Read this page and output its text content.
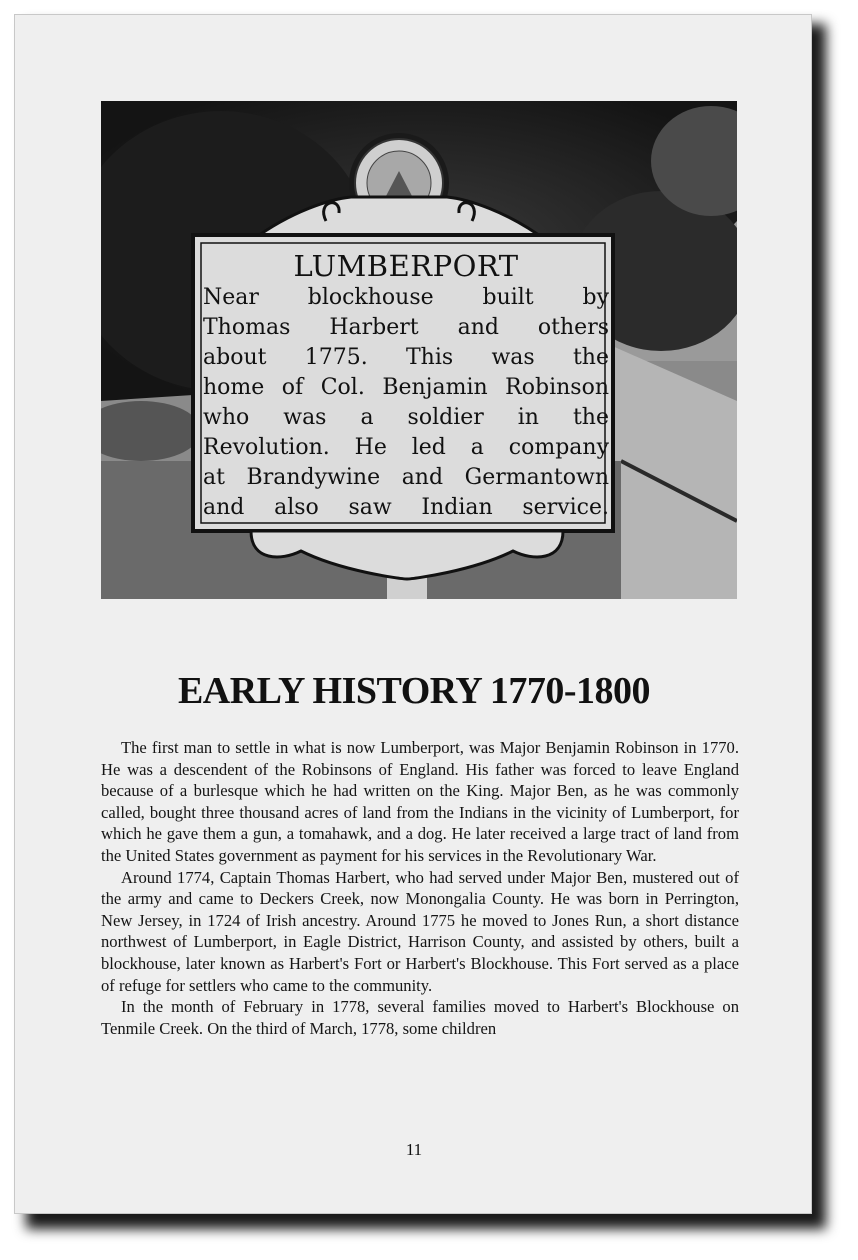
LUMBERPORT

Near blockhouse built by
Thomas Harbert and others
about 1775. This was the
home of Col. Benjamin Robinson
who was a soldier in the
Revolution. He led a company
at Brandywine and Germantown
and also saw Indian service.
EARLY HISTORY 1770-1800

The first man to settle in what is now Lumberport, was Major Benjamin Robinson in 1770. He was a descendent of the Robinsons of England. His father was forced to leave England because of a burlesque which he had written on the King. Major Ben, as he was commonly called, bought three thousand acres of land from the Indians in the vicinity of Lumberport, for which he gave them a gun, a tomahawk, and a dog. He later received a large tract of land from the United States government as payment for his services in the Revolutionary War.

Around 1774, Captain Thomas Harbert, who had served under Major Ben, mustered out of the army and came to Deckers Creek, now Monongalia County. He was born in Perrington, New Jersey, in 1724 of Irish ancestry. Around 1775 he moved to Jones Run, a short distance northwest of Lumberport, in Eagle District, Harrison County, and assisted by others, built a blockhouse, later known as Harbert's Fort or Harbert's Blockhouse. This Fort served as a place of refuge for settlers who came to the community.

In the month of February in 1778, several families moved to Harbert's Blockhouse on Tenmile Creek. On the third of March, 1778, some children

11
